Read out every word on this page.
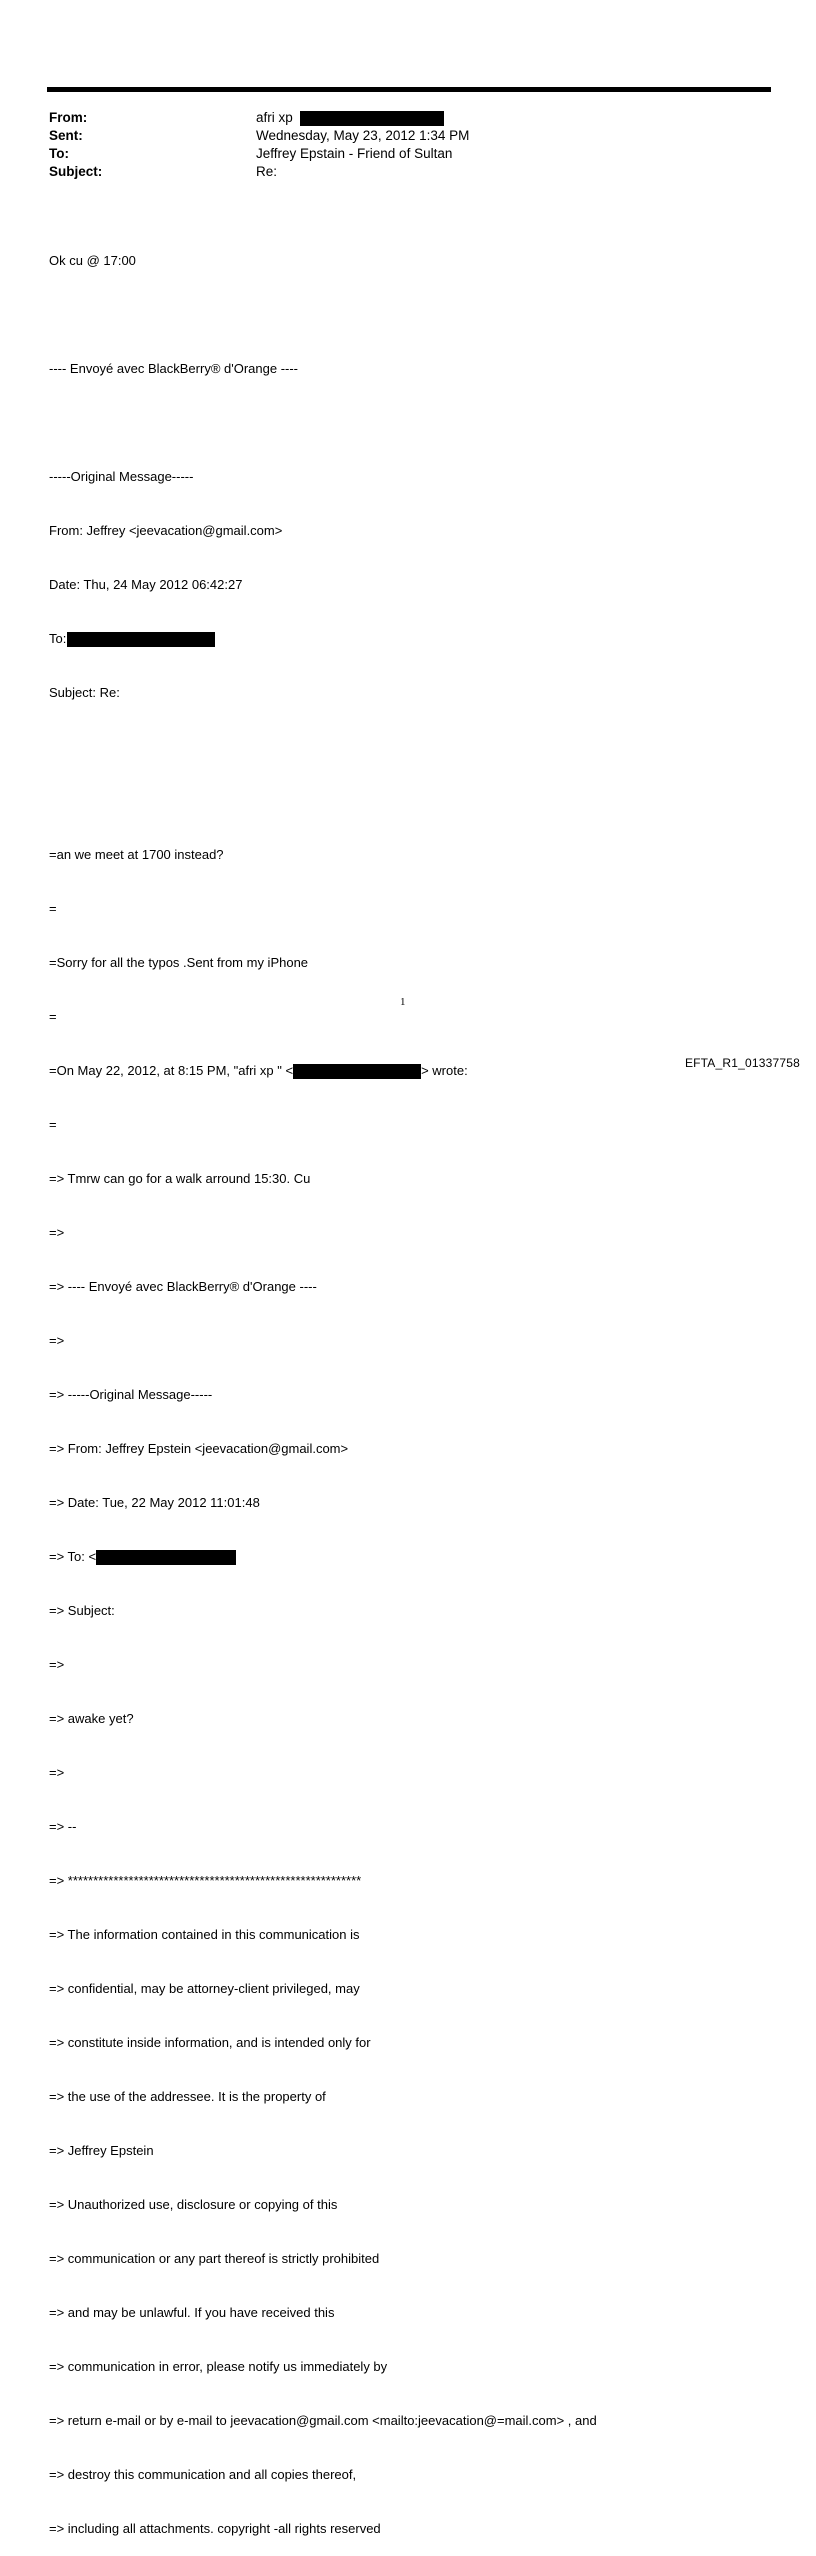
From:	afri xp
Sent:	Wednesday, May 23, 2012 1:34 PM
To:	Jeffrey Epstain - Friend of Sultan
Subject:	Re:

Ok cu @ 17:00

---- Envoyé avec BlackBerry® d'Orange ----

-----Original Message-----

From: Jeffrey <jeevacation@gmail.com>

Date: Thu, 24 May 2012 06:42:27

To:

Subject: Re:

=an we meet at 1700 instead?

=

=Sorry for all the typos .Sent from my iPhone

=

=On May 22, 2012, at 8:15 PM, "afri xp " <	> wrote:

=

=> Tmrw can go for a walk arround 15:30. Cu

=>

=> ---- Envoyé avec BlackBerry® d'Orange ----

=>

=> -----Original Message-----

=> From: Jeffrey Epstein <jeevacation@gmail.com>

=> Date: Tue, 22 May 2012 11:01:48

=> To: <

=> Subject:

=>

=> awake yet?

=>

=> --

=> **********************************************************

=> The information contained in this communication is

=> confidential, may be attorney-client privileged, may

=> constitute inside information, and is intended only for

=> the use of the addressee. It is the property of

=> Jeffrey Epstein

=> Unauthorized use, disclosure or copying of this

=> communication or any part thereof is strictly prohibited

=> and may be unlawful. If you have received this

=> communication in error, please notify us immediately by

=> return e-mail or by e-mail to jeevacation@gmail.com <mailto:jeevacation@=mail.com> , and

=> destroy this communication and all copies thereof,

=> including all attachments. copyright -all rights reserved

1
EFTA_R1_01337758
